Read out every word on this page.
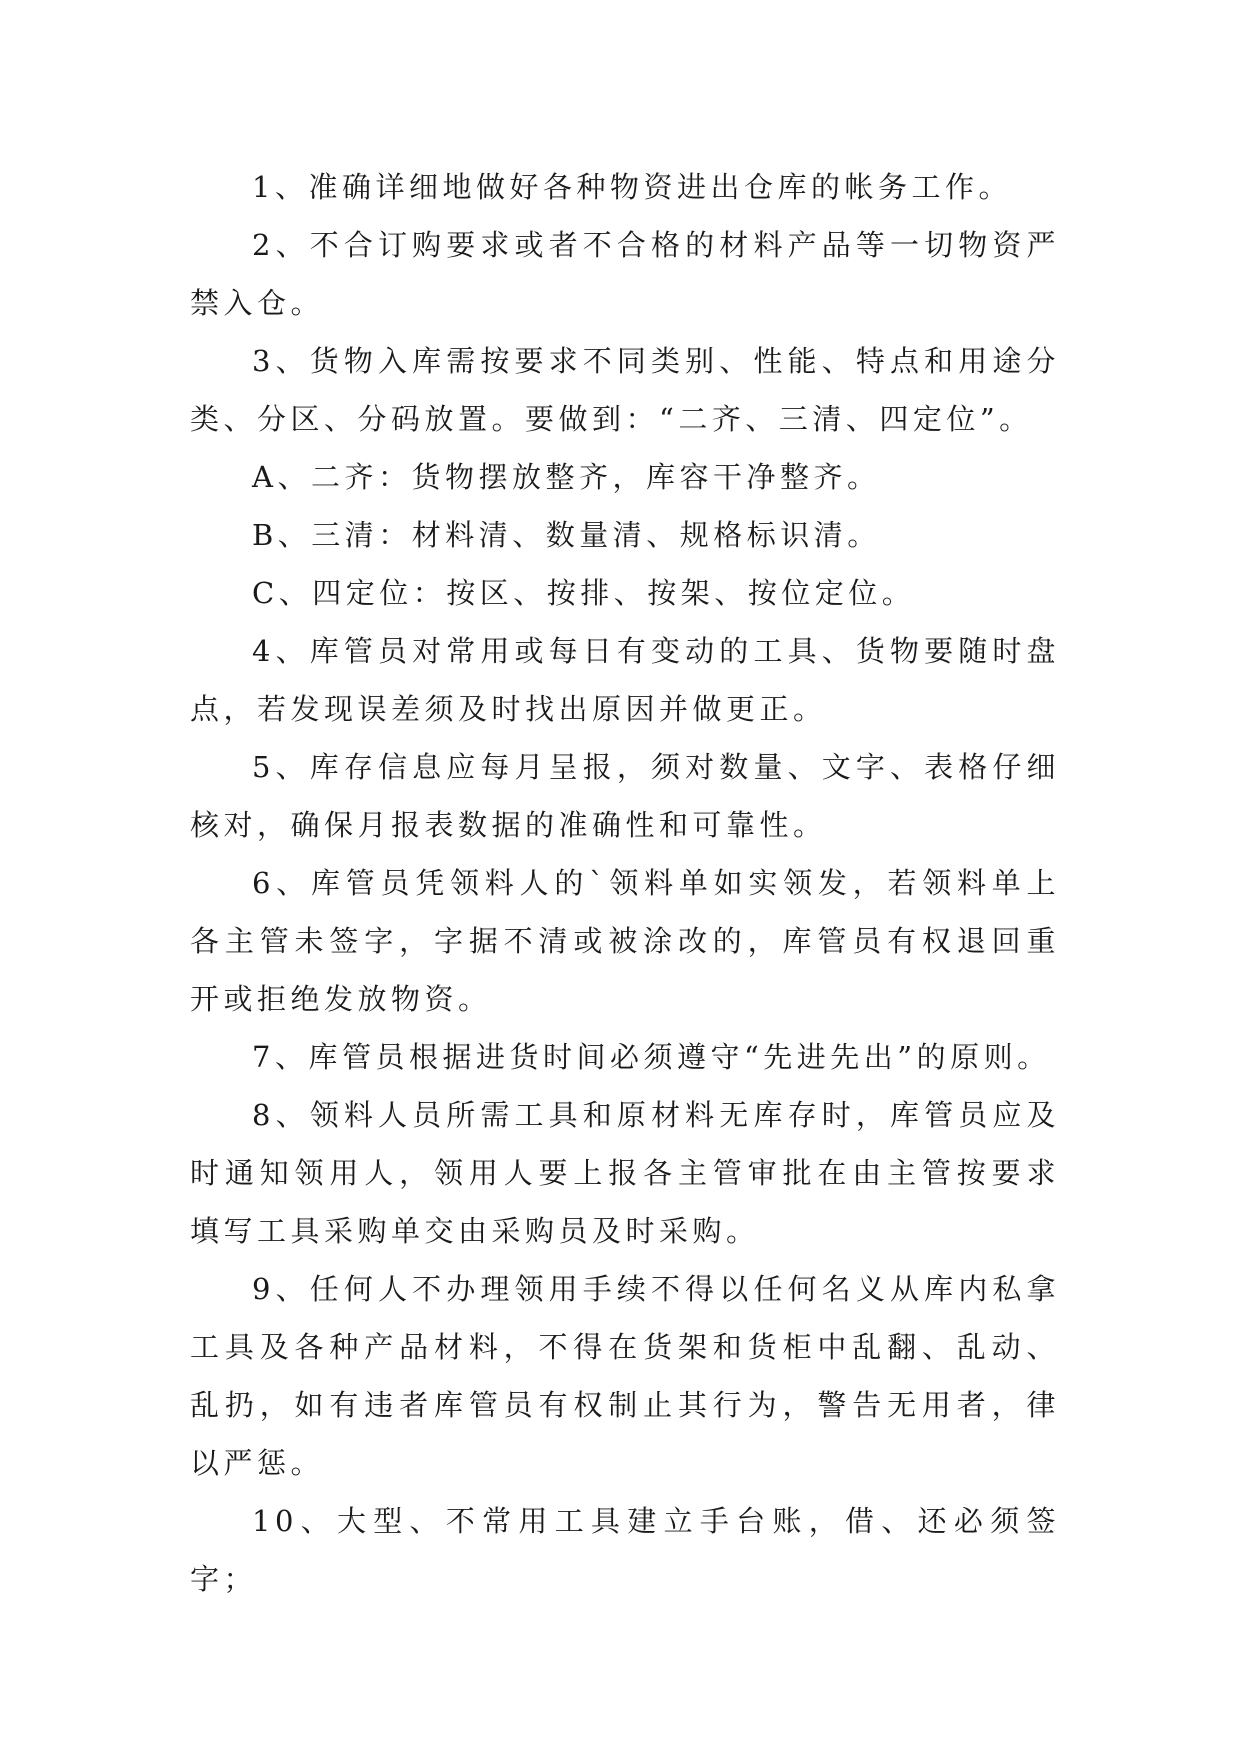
1、准确详细地做好各种物资进出仓库的帐务工作。

2、不合订购要求或者不合格的材料产品等一切物资严禁入仓。

3、货物入库需按要求不同类别、性能、特点和用途分类、分区、分码放置。要做到：“二齐、三清、四定位”。

A、二齐：货物摆放整齐，库容干净整齐。

B、三清：材料清、数量清、规格标识清。

C、四定位：按区、按排、按架、按位定位。

4、库管员对常用或每日有变动的工具、货物要随时盘点，若发现误差须及时找出原因并做更正。

5、库存信息应每月呈报，须对数量、文字、表格仔细核对，确保月报表数据的准确性和可靠性。

6、库管员凭领料人的`领料单如实领发，若领料单上各主管未签字，字据不清或被涂改的，库管员有权退回重开或拒绝发放物资。

7、库管员根据进货时间必须遵守“先进先出”的原则。

8、领料人员所需工具和原材料无库存时，库管员应及时通知领用人，领用人要上报各主管审批在由主管按要求填写工具采购单交由采购员及时采购。

9、任何人不办理领用手续不得以任何名义从库内私拿工具及各种产品材料，不得在货架和货柜中乱翻、乱动、乱扔，如有违者库管员有权制止其行为，警告无用者，律以严惩。

10、大型、不常用工具建立手台账，借、还必须签字；
